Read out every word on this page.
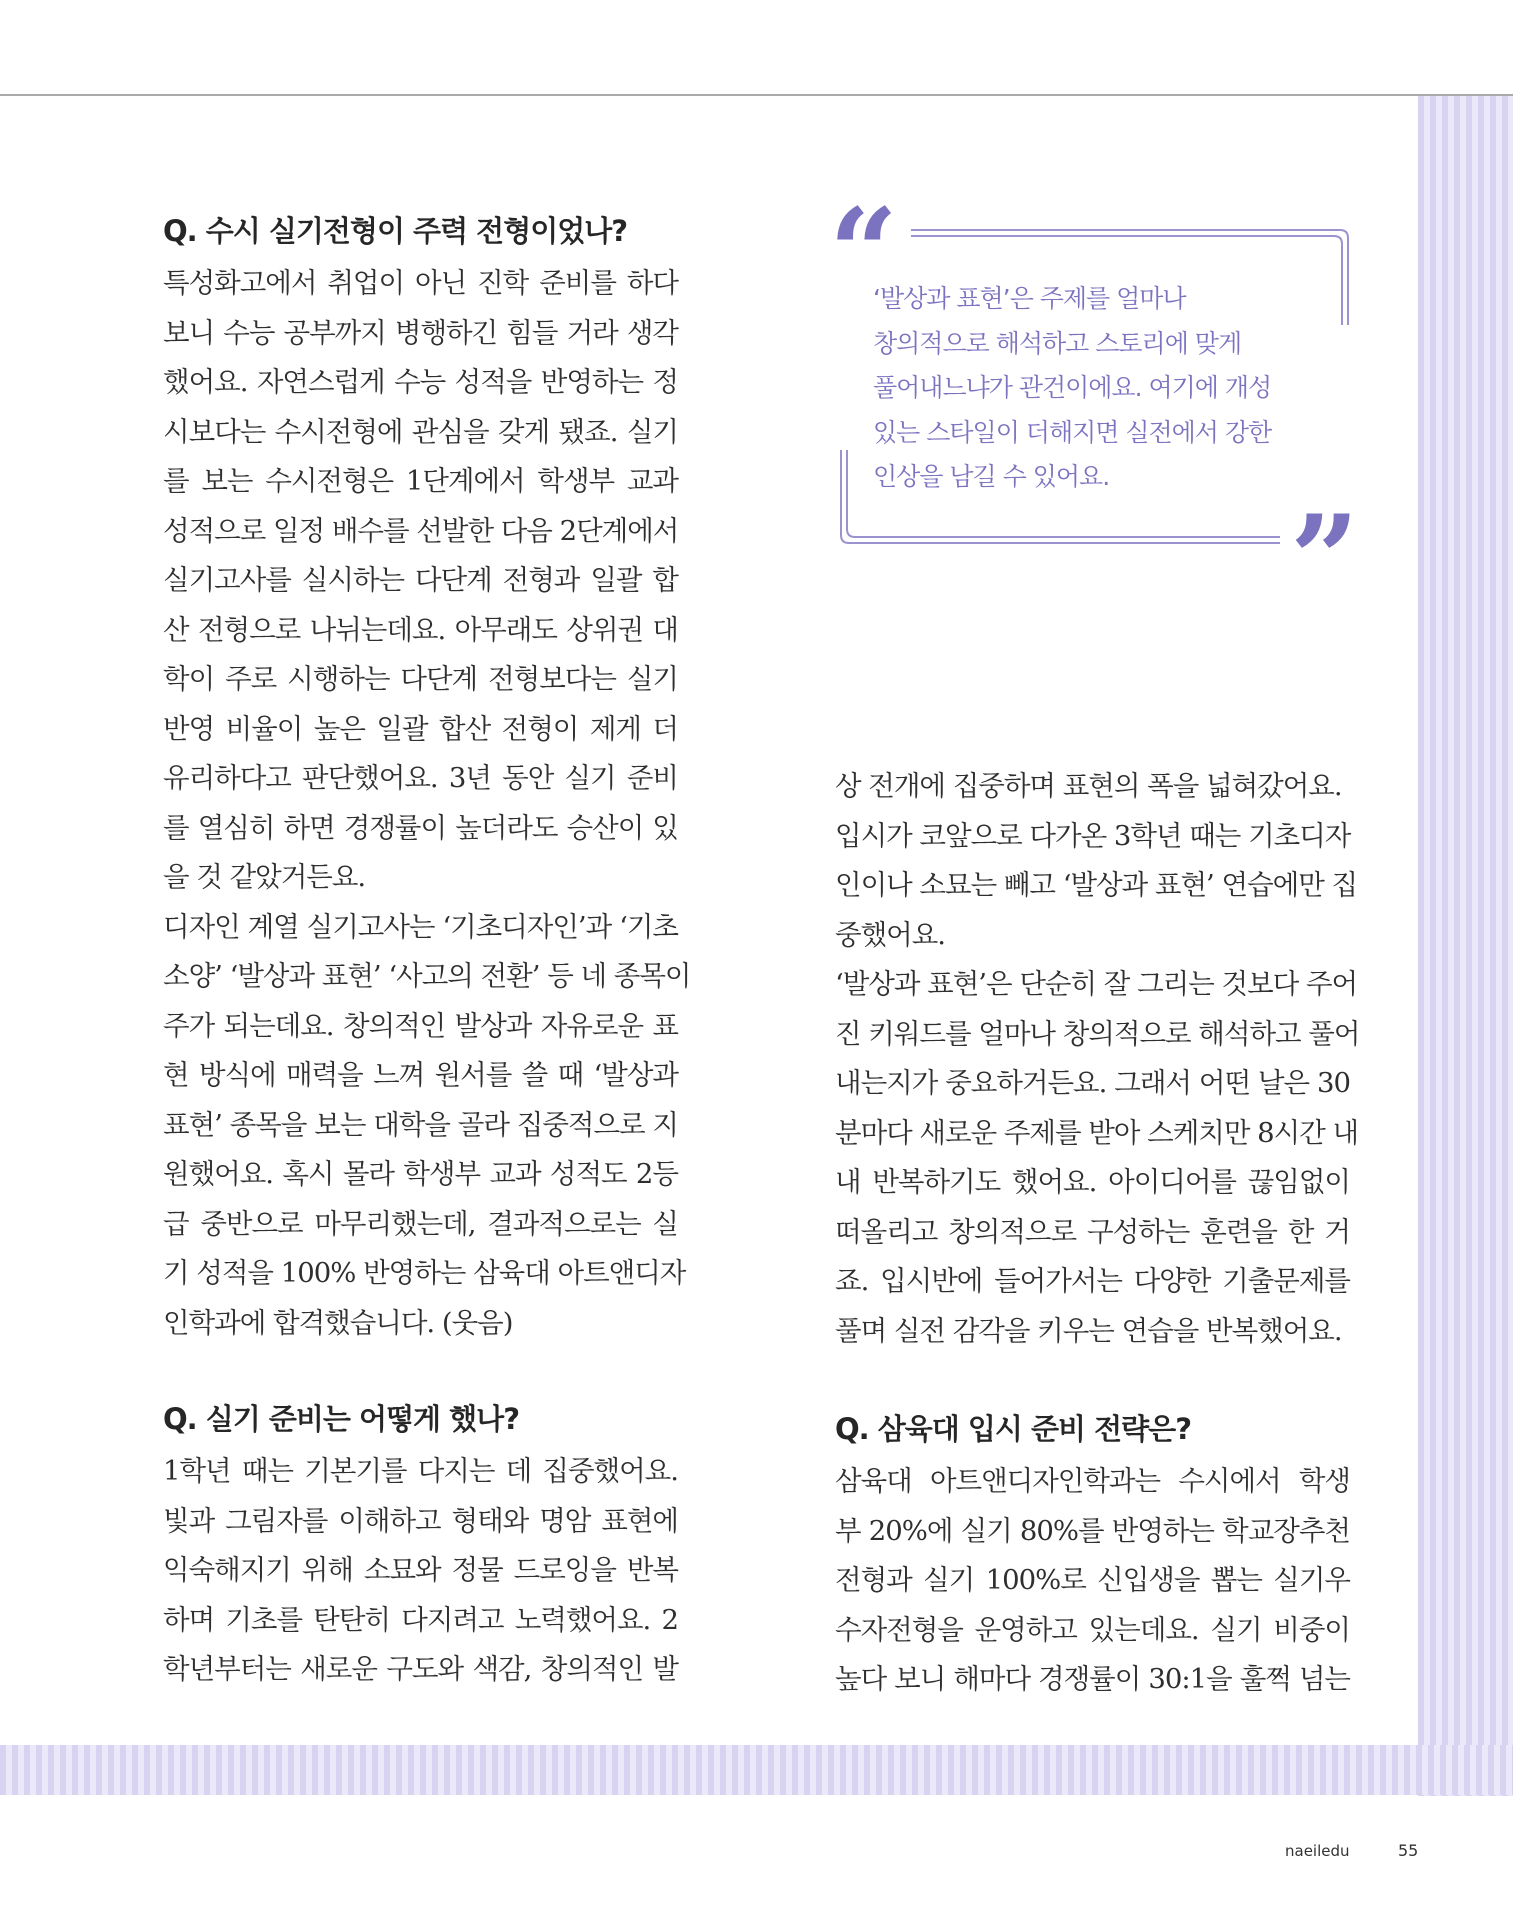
Q. 수시 실기전형이 주력 전형이었나?
특성화고에서 취업이 아닌 진학 준비를 하다
보니 수능 공부까지 병행하긴 힘들 거라 생각
했어요. 자연스럽게 수능 성적을 반영하는 정
시보다는 수시전형에 관심을 갖게 됐죠. 실기
를 보는 수시전형은 1단계에서 학생부 교과
성적으로 일정 배수를 선발한 다음 2단계에서
실기고사를 실시하는 다단계 전형과 일괄 합
산 전형으로 나뉘는데요. 아무래도 상위권 대
학이 주로 시행하는 다단계 전형보다는 실기
반영 비율이 높은 일괄 합산 전형이 제게 더
유리하다고 판단했어요. 3년 동안 실기 준비
를 열심히 하면 경쟁률이 높더라도 승산이 있
을 것 같았거든요.
디자인 계열 실기고사는 ‘기초디자인’과 ‘기초
소양’ ‘발상과 표현’ ‘사고의 전환’ 등 네 종목이
주가 되는데요. 창의적인 발상과 자유로운 표
현 방식에 매력을 느껴 원서를 쓸 때 ‘발상과
표현’ 종목을 보는 대학을 골라 집중적으로 지
원했어요. 혹시 몰라 학생부 교과 성적도 2등
급 중반으로 마무리했는데, 결과적으로는 실
기 성적을 100% 반영하는 삼육대 아트앤디자
인학과에 합격했습니다. (웃음)
Q. 실기 준비는 어떻게 했나?
1학년 때는 기본기를 다지는 데 집중했어요.
빛과 그림자를 이해하고 형태와 명암 표현에
익숙해지기 위해 소묘와 정물 드로잉을 반복
하며 기초를 탄탄히 다지려고 노력했어요. 2
학년부터는 새로운 구도와 색감, 창의적인 발
“
‘발상과 표현’은 주제를 얼마나
창의적으로 해석하고 스토리에 맞게
풀어내느냐가 관건이에요. 여기에 개성
있는 스타일이 더해지면 실전에서 강한
인상을 남길 수 있어요.
”
상 전개에 집중하며 표현의 폭을 넓혀갔어요.
입시가 코앞으로 다가온 3학년 때는 기초디자
인이나 소묘는 빼고 ‘발상과 표현’ 연습에만 집
중했어요.
‘발상과 표현’은 단순히 잘 그리는 것보다 주어
진 키워드를 얼마나 창의적으로 해석하고 풀어
내는지가 중요하거든요. 그래서 어떤 날은 30
분마다 새로운 주제를 받아 스케치만 8시간 내
내 반복하기도 했어요. 아이디어를 끊임없이
떠올리고 창의적으로 구성하는 훈련을 한 거
죠. 입시반에 들어가서는 다양한 기출문제를
풀며 실전 감각을 키우는 연습을 반복했어요.
Q. 삼육대 입시 준비 전략은?
삼육대 아트앤디자인학과는 수시에서 학생
부 20%에 실기 80%를 반영하는 학교장추천
전형과 실기 100%로 신입생을 뽑는 실기우
수자전형을 운영하고 있는데요. 실기 비중이
높다 보니 해마다 경쟁률이 30:1을 훌쩍 넘는
naeiledu	55
